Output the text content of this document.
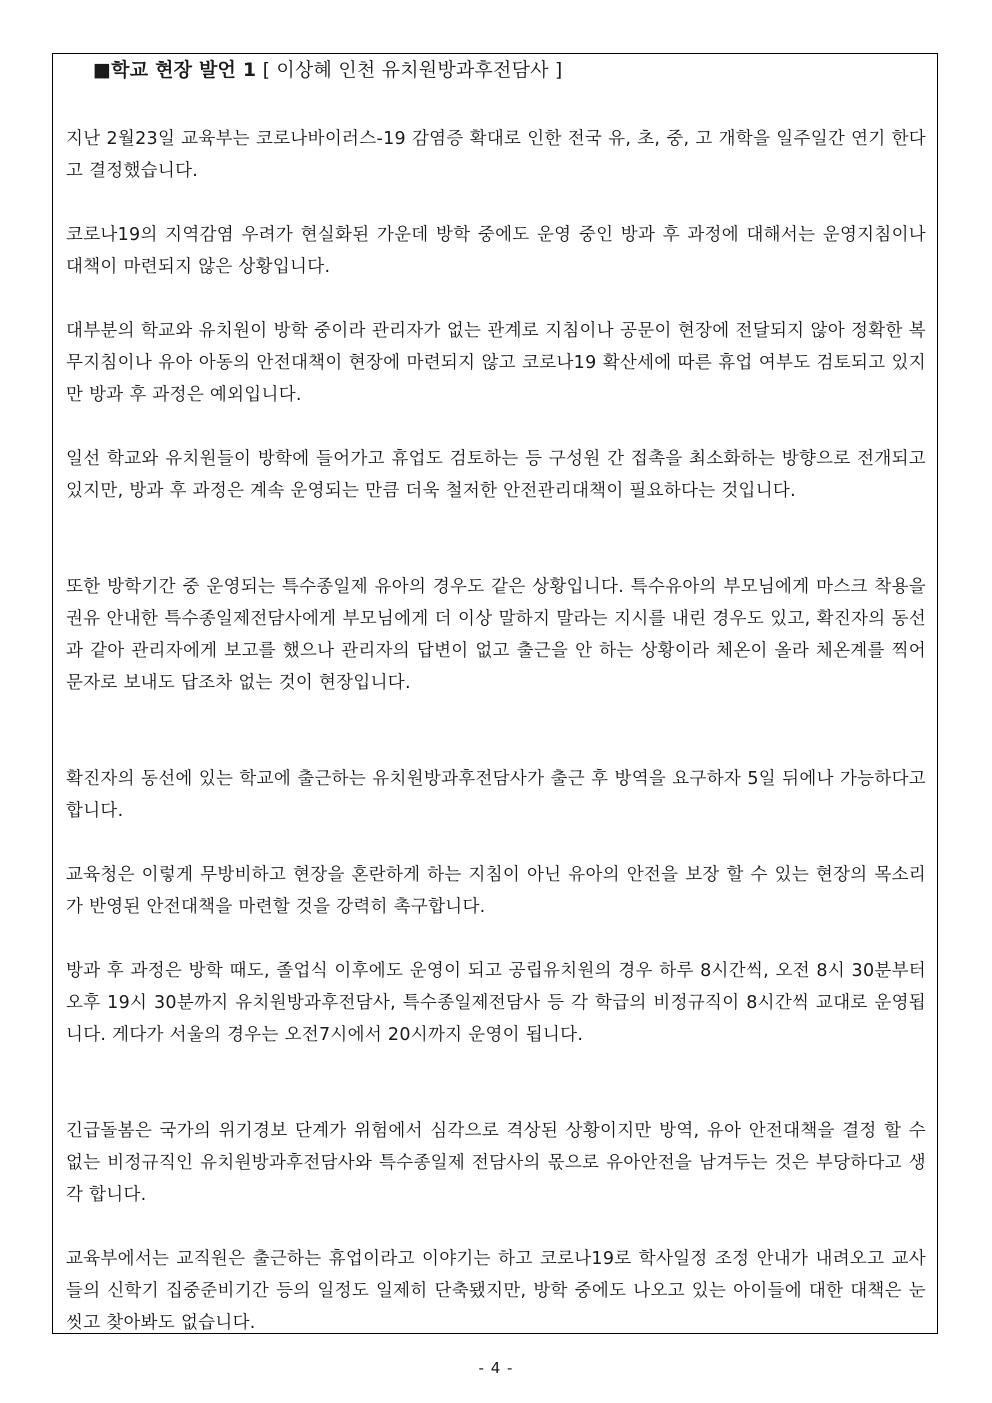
■학교 현장 발언 1 [ 이상혜 인천 유치원방과후전담사 ]

지난 2월23일 교육부는 코로나바이러스-19 감염증 확대로 인한 전국 유, 초, 중, 고 개학을 일주일간 연기 한다고 결정했습니다.

코로나19의 지역감염 우려가 현실화된 가운데 방학 중에도 운영 중인 방과 후 과정에 대해서는 운영지침이나 대책이 마련되지 않은 상황입니다.

대부분의 학교와 유치원이 방학 중이라 관리자가 없는 관계로 지침이나 공문이 현장에 전달되지 않아 정확한 복무지침이나 유아 아동의 안전대책이 현장에 마련되지 않고 코로나19 확산세에 따른 휴업 여부도 검토되고 있지만 방과 후 과정은 예외입니다.

일선 학교와 유치원들이 방학에 들어가고 휴업도 검토하는 등 구성원 간 접촉을 최소화하는 방향으로 전개되고 있지만, 방과 후 과정은 계속 운영되는 만큼 더욱 철저한 안전관리대책이 필요하다는 것입니다.

또한 방학기간 중 운영되는 특수종일제 유아의 경우도 같은 상황입니다. 특수유아의 부모님에게 마스크 착용을 권유 안내한 특수종일제전담사에게 부모님에게 더 이상 말하지 말라는 지시를 내린 경우도 있고, 확진자의 동선과 같아 관리자에게 보고를 했으나 관리자의 답변이 없고 출근을 안 하는 상황이라 체온이 올라 체온계를 찍어 문자로 보내도 답조차 없는 것이 현장입니다.

확진자의 동선에 있는 학교에 출근하는 유치원방과후전담사가 출근 후 방역을 요구하자 5일 뒤에나 가능하다고 합니다.

교육청은 이렇게 무방비하고 현장을 혼란하게 하는 지침이 아닌 유아의 안전을 보장 할 수 있는 현장의 목소리가 반영된 안전대책을 마련할 것을 강력히 촉구합니다.

방과 후 과정은 방학 때도, 졸업식 이후에도 운영이 되고 공립유치원의 경우 하루 8시간씩, 오전 8시 30분부터 오후 19시 30분까지 유치원방과후전담사, 특수종일제전담사 등 각 학급의 비정규직이 8시간씩 교대로 운영됩니다. 게다가 서울의 경우는 오전7시에서 20시까지 운영이 됩니다.

긴급돌봄은 국가의 위기경보 단계가 위험에서 심각으로 격상된 상황이지만 방역, 유아 안전대책을 결정 할 수 없는 비정규직인 유치원방과후전담사와 특수종일제 전담사의 몫으로 유아안전을 남겨두는 것은 부당하다고 생각 합니다.

교육부에서는 교직원은 출근하는 휴업이라고 이야기는 하고 코로나19로 학사일정 조정 안내가 내려오고 교사들의 신학기 집중준비기간 등의 일정도 일제히 단축됐지만, 방학 중에도 나오고 있는 아이들에 대한 대책은 눈 씻고 찾아봐도 없습니다.

- 4 -
